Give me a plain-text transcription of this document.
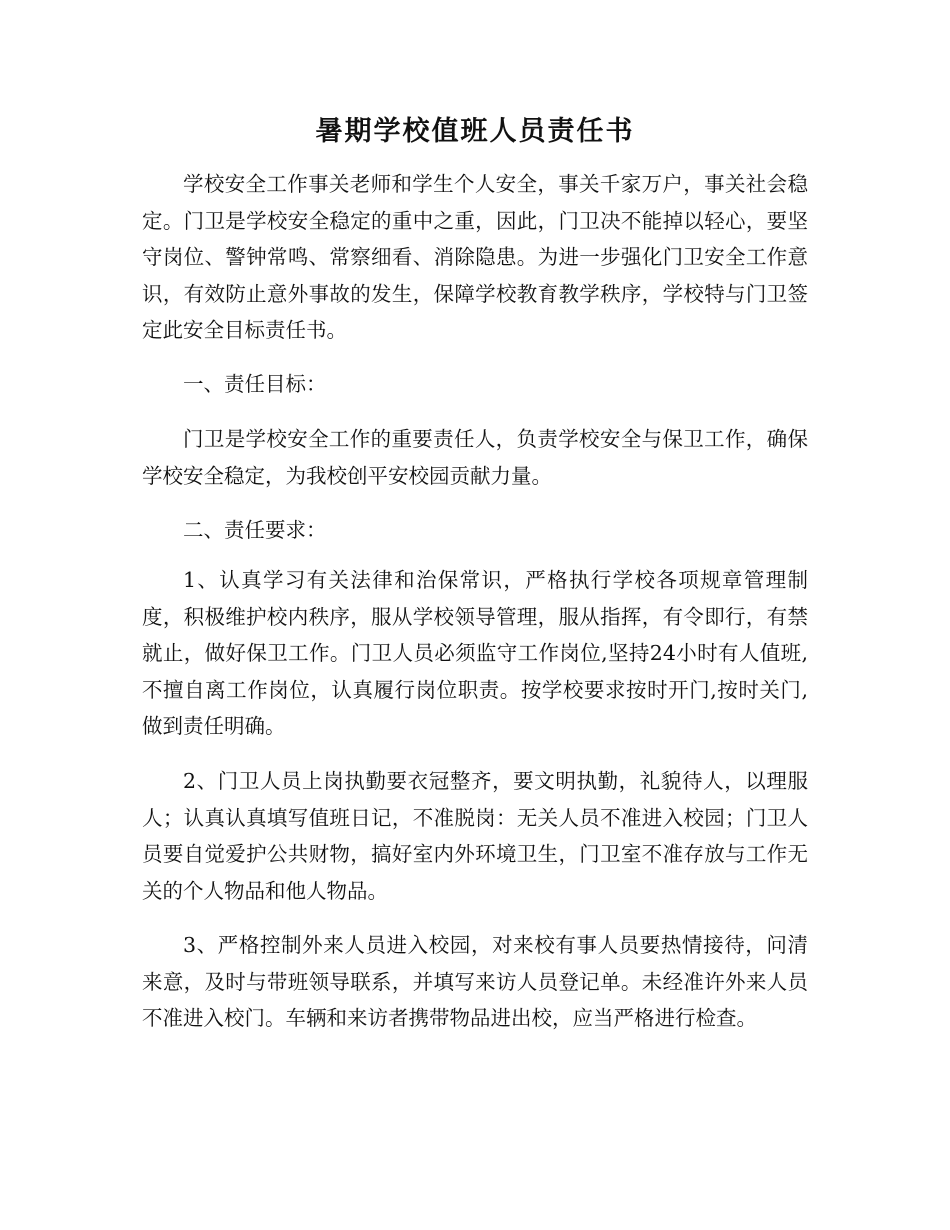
暑期学校值班人员责任书

学校安全工作事关老师和学生个人安全，事关千家万户，事关社会稳定。门卫是学校安全稳定的重中之重，因此，门卫决不能掉以轻心，要坚守岗位、警钟常鸣、常察细看、消除隐患。为进一步强化门卫安全工作意识，有效防止意外事故的发生，保障学校教育教学秩序，学校特与门卫签定此安全目标责任书。

一、责任目标：

门卫是学校安全工作的重要责任人，负责学校安全与保卫工作，确保学校安全稳定，为我校创平安校园贡献力量。

二、责任要求：

1、认真学习有关法律和治保常识，严格执行学校各项规章管理制度，积极维护校内秩序，服从学校领导管理，服从指挥，有令即行，有禁就止，做好保卫工作。门卫人员必须监守工作岗位,坚持24小时有人值班,不擅自离工作岗位，认真履行岗位职责。按学校要求按时开门,按时关门,做到责任明确。

2、门卫人员上岗执勤要衣冠整齐，要文明执勤，礼貌待人，以理服人；认真认真填写值班日记，不准脱岗：无关人员不准进入校园；门卫人员要自觉爱护公共财物，搞好室内外环境卫生，门卫室不准存放与工作无关的个人物品和他人物品。

3、严格控制外来人员进入校园，对来校有事人员要热情接待，问清来意，及时与带班领导联系，并填写来访人员登记单。未经准许外来人员不准进入校门。车辆和来访者携带物品进出校，应当严格进行检查。
